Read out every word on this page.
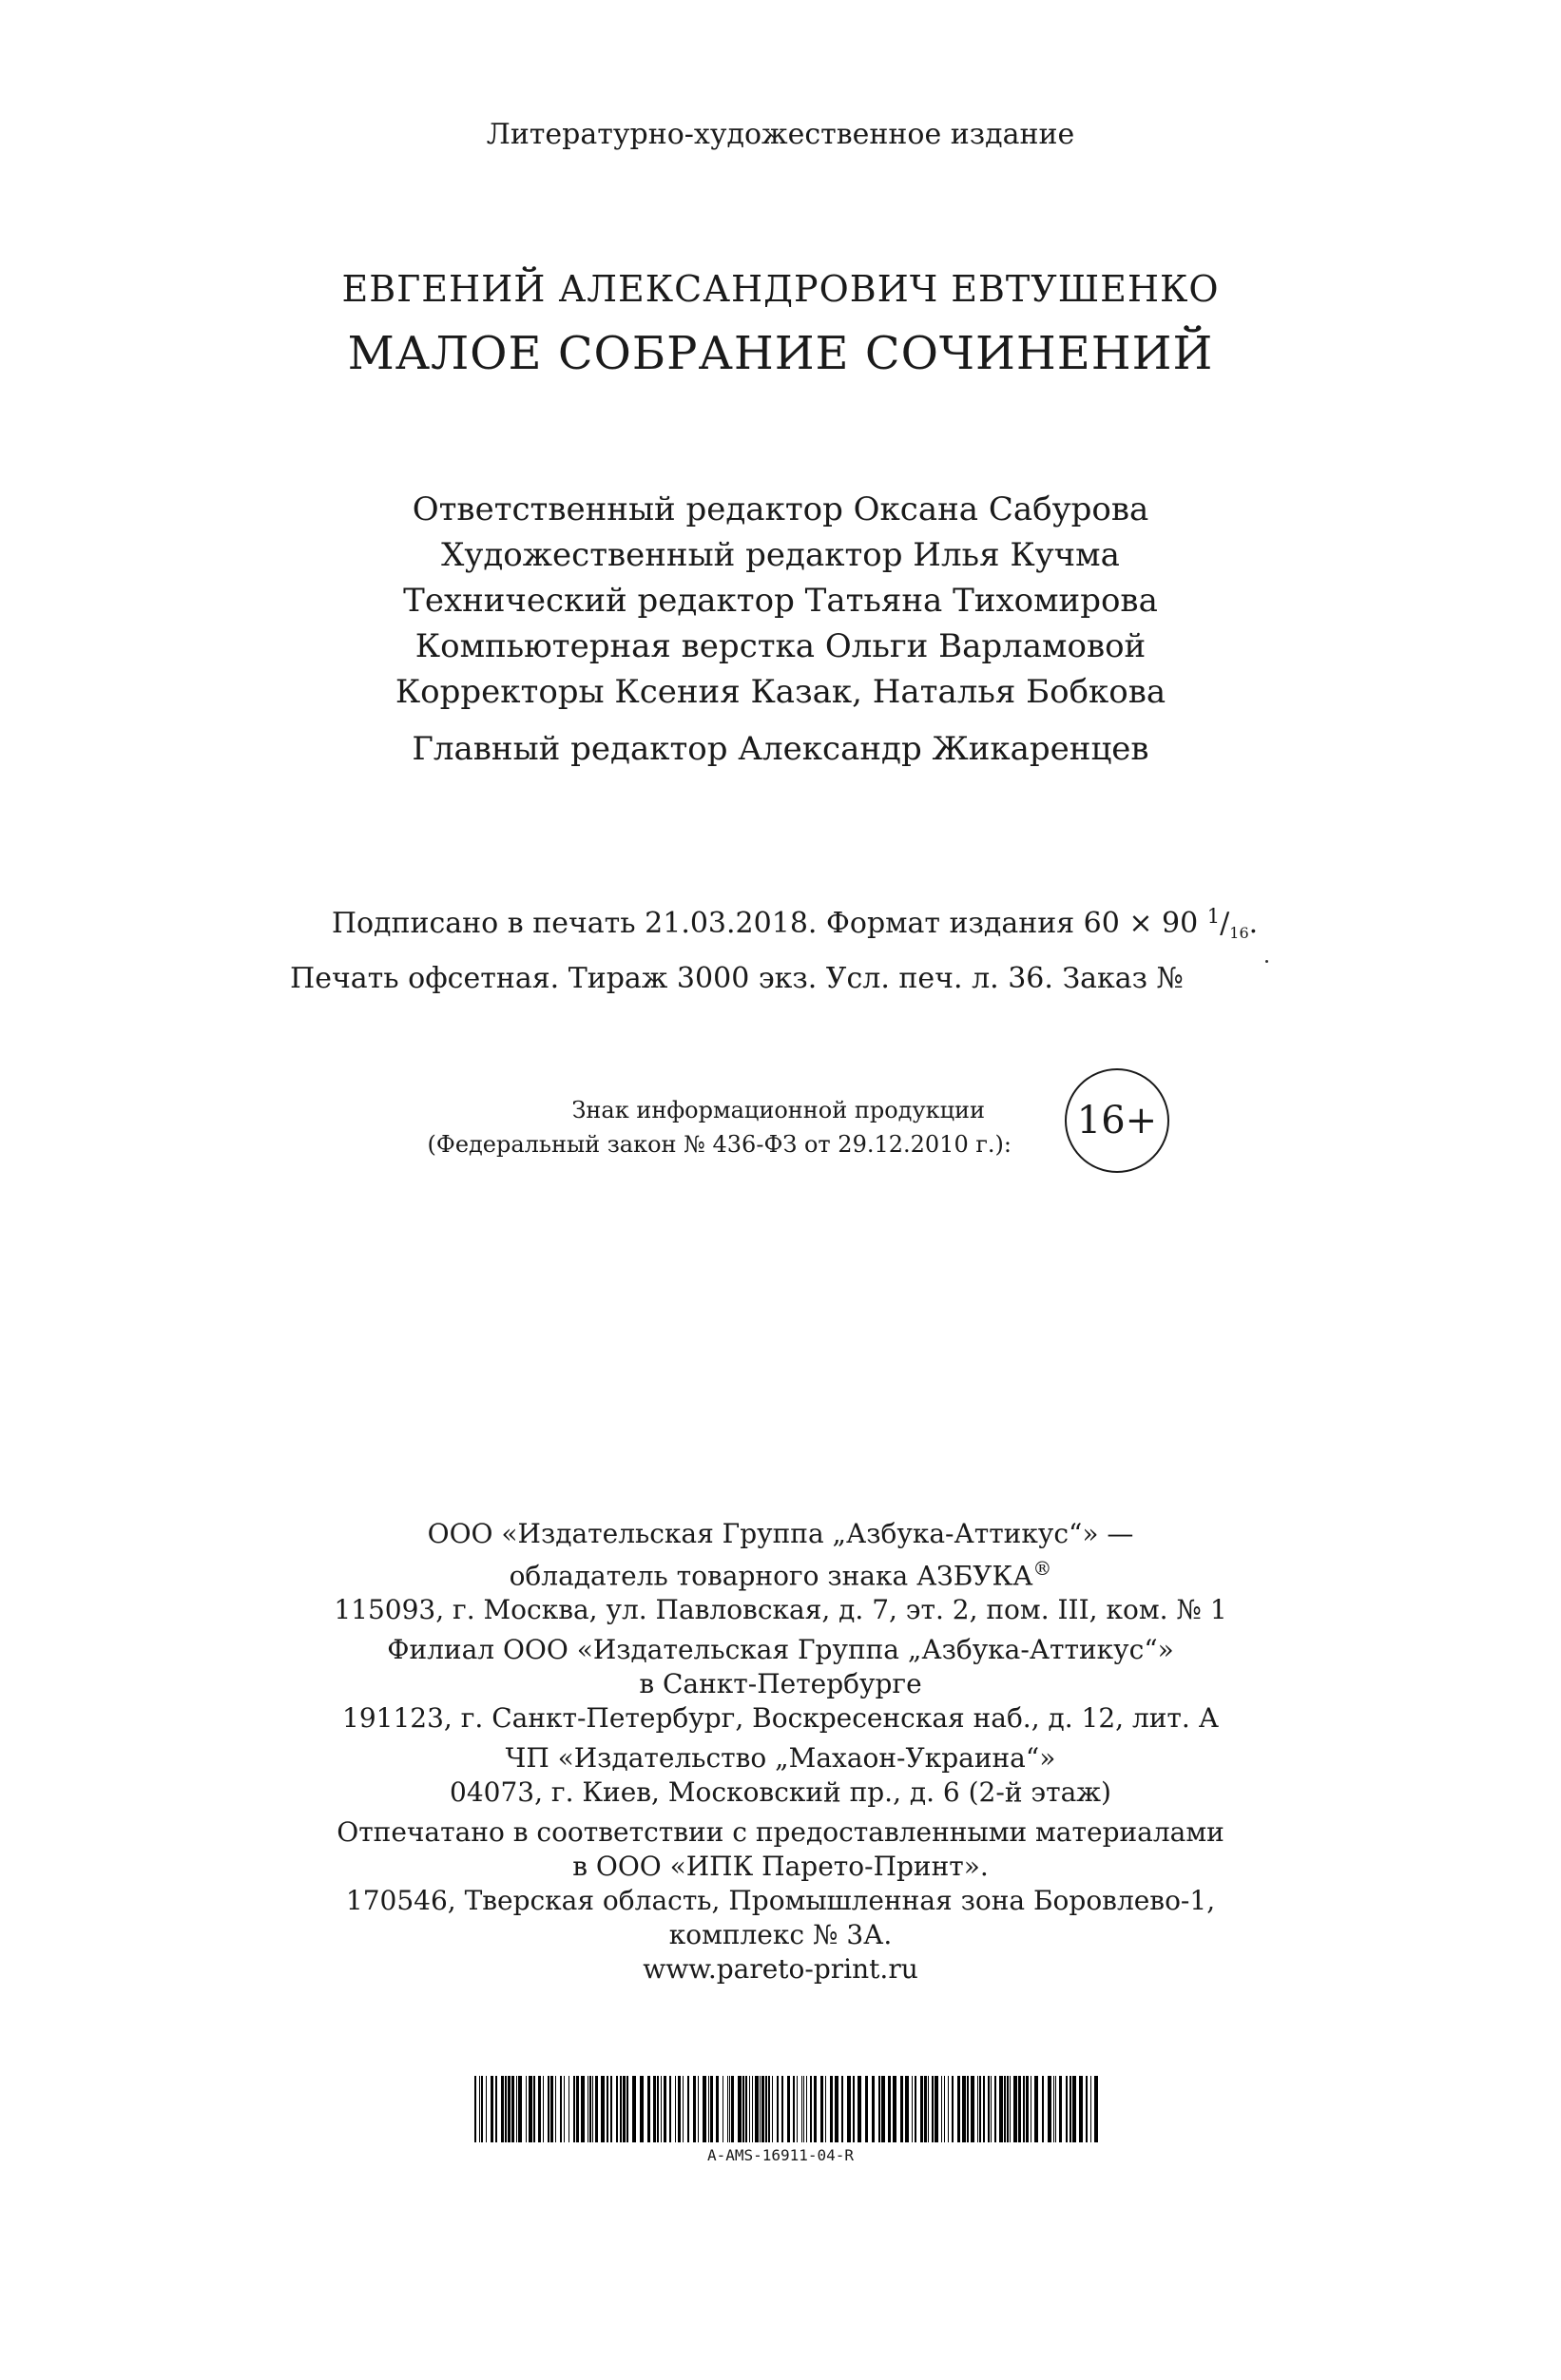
Литературно-художественное издание
ЕВГЕНИЙ АЛЕКСАНДРОВИЧ ЕВТУШЕНКО
МАЛОЕ СОБРАНИЕ СОЧИНЕНИЙ
Ответственный редактор Оксана Сабурова
Художественный редактор Илья Кучма
Технический редактор Татьяна Тихомирова
Компьютерная верстка Ольги Варламовой
Корректоры Ксения Казак, Наталья Бобкова
Главный редактор Александр Жикаренцев
Подписано в печать 21.03.2018. Формат издания 60 × 90 $^1/_{16}$.
Печать офсетная. Тираж 3000 экз. Усл. печ. л. 36. Заказ №
Знак информационной продукции
(Федеральный закон № 436-ФЗ от 29.12.2010 г.):
16+
ООО «Издательская Группа „Азбука-Аттикус“» —
обладатель товарного знака АЗБУКА®
115093, г. Москва, ул. Павловская, д. 7, эт. 2, пом. III, ком. № 1
Филиал ООО «Издательская Группа „Азбука-Аттикус“»
в Санкт-Петербурге
191123, г. Санкт-Петербург, Воскресенская наб., д. 12, лит. А
ЧП «Издательство „Махаон-Украина“»
04073, г. Киев, Московский пр., д. 6 (2-й этаж)
Отпечатано в соответствии с предоставленными материалами
в ООО «ИПК Парето-Принт».
170546, Тверская область, Промышленная зона Боровлево-1,
комплекс № 3А.
www.pareto-print.ru
A-AMS-16911-04-R
